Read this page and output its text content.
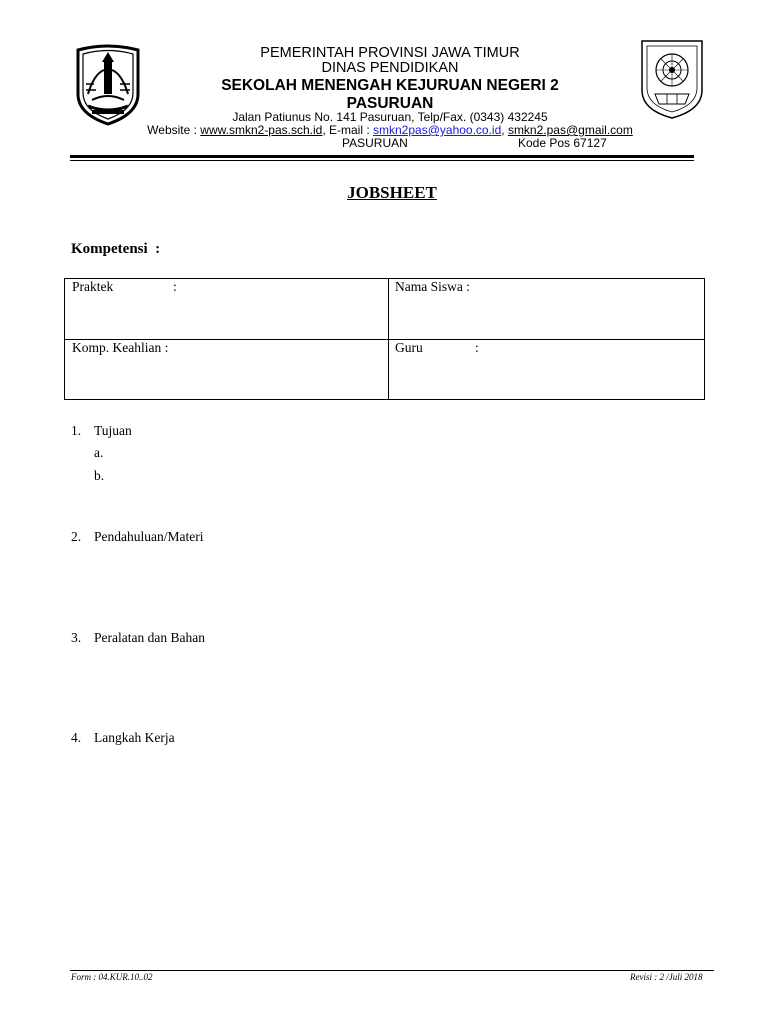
PEMERINTAH PROVINSI JAWA TIMUR
DINAS PENDIDIKAN
SEKOLAH MENENGAH KEJURUAN NEGERI 2
PASURUAN
Jalan Patiunus No. 141 Pasuruan, Telp/Fax. (0343) 432245
Website : www.smkn2-pas.sch.id, E-mail : smkn2pas@yahoo.co.id, smkn2.pas@gmail.com
PASURUAN	Kode Pos 67127
JOBSHEET
Kompetensi  :
Praktek	:	Nama Siswa :
Komp. Keahlian :	Guru	:
1. Tujuan
a.
b.
2. Pendahuluan/Materi
3. Peralatan dan Bahan
4. Langkah Kerja
Form : 04.KUR.10..02	Revisi : 2 /Juli 2018
